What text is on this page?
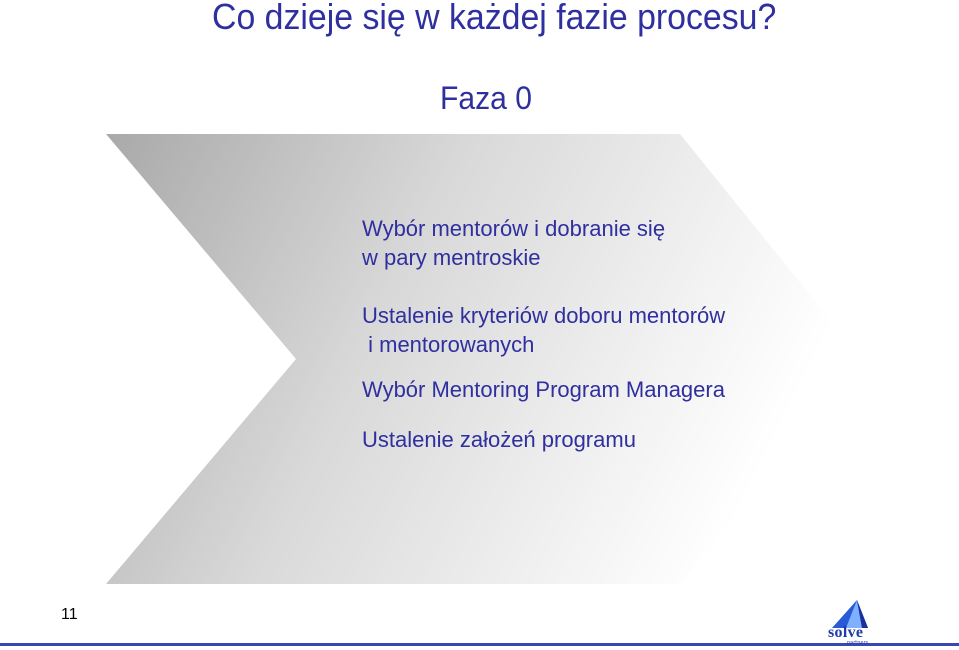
Co dzieje się w każdej fazie procesu?
Faza 0

Wybór mentorów i dobranie się
w pary mentroskie

Ustalenie kryteriów doboru mentorów
i mentorowanych

Wybór Mentoring Program Managera

Ustalenie założeń programu

11
solve
partners
